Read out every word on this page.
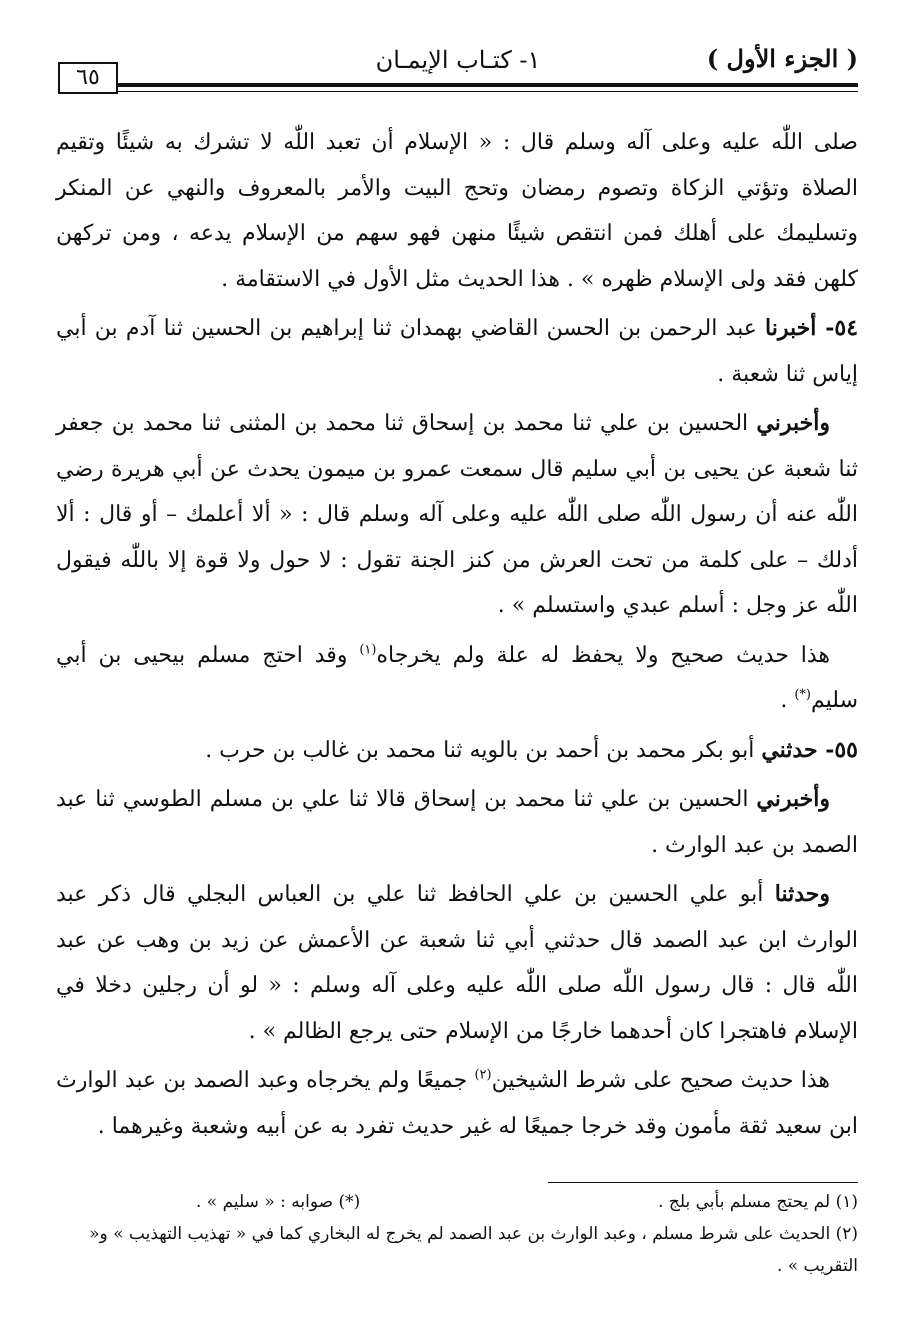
( الجزء الأول )
١- كتـاب الإيمـان
٦٥

صلى اللّٰه عليه وعلى آله وسلم قال : « الإسلام أن تعبد اللّٰه لا تشرك به شيئًا وتقيم الصلاة وتؤتي الزكاة وتصوم رمضان وتحج البيت والأمر بالمعروف والنهي عن المنكر وتسليمك على أهلك فمن انتقص شيئًا منهن فهو سهم من الإسلام يدعه ، ومن تركهن كلهن فقد ولى الإسلام ظهره » . هذا الحديث مثل الأول في الاستقامة .

٥٤- أخبرنا عبد الرحمن بن الحسن القاضي بهمدان ثنا إبراهيم بن الحسين ثنا آدم بن أبي إياس ثنا شعبة .

وأخبرني الحسين بن علي ثنا محمد بن إسحاق ثنا محمد بن المثنى ثنا محمد بن جعفر ثنا شعبة عن يحيى بن أبي سليم قال سمعت عمرو بن ميمون يحدث عن أبي هريرة رضي اللّٰه عنه أن رسول اللّٰه صلى اللّٰه عليه وعلى آله وسلم قال : « ألا أعلمك – أو قال : ألا أدلك – على كلمة من تحت العرش من كنز الجنة تقول : لا حول ولا قوة إلا باللّٰه فيقول اللّٰه عز وجل : أسلم عبدي واستسلم » .

هذا حديث صحيح ولا يحفظ له علة ولم يخرجاه$^{(١)}$ وقد احتج مسلم بيحيى بن أبي سليم(*) .

٥٥- حدثني أبو بكر محمد بن أحمد بن بالويه ثنا محمد بن غالب بن حرب .

وأخبرني الحسين بن علي ثنا محمد بن إسحاق قالا ثنا علي بن مسلم الطوسي ثنا عبد الصمد بن عبد الوارث .

وحدثنا أبو علي الحسين بن علي الحافظ ثنا علي بن العباس البجلي قال ذكر عبد الوارث ابن عبد الصمد قال حدثني أبي ثنا شعبة عن الأعمش عن زيد بن وهب عن عبد اللّٰه قال : قال رسول اللّٰه صلى اللّٰه عليه وعلى آله وسلم : « لو أن رجلين دخلا في الإسلام فاهتجرا كان أحدهما خارجًا من الإسلام حتى يرجع الظالم » .

هذا حديث صحيح على شرط الشيخين$^{(٢)}$ جميعًا ولم يخرجاه وعبد الصمد بن عبد الوارث ابن سعيد ثقة مأمون وقد خرجا جميعًا له غير حديث تفرد به عن أبيه وشعبة وغيرهما .

(١) لم يحتج مسلم بأبي بلج .
(*) صوابه : « سليم » .
(٢) الحديث على شرط مسلم ، وعبد الوارث بن عبد الصمد لم يخرج له البخاري كما في « تهذيب التهذيب » و« التقريب » .
